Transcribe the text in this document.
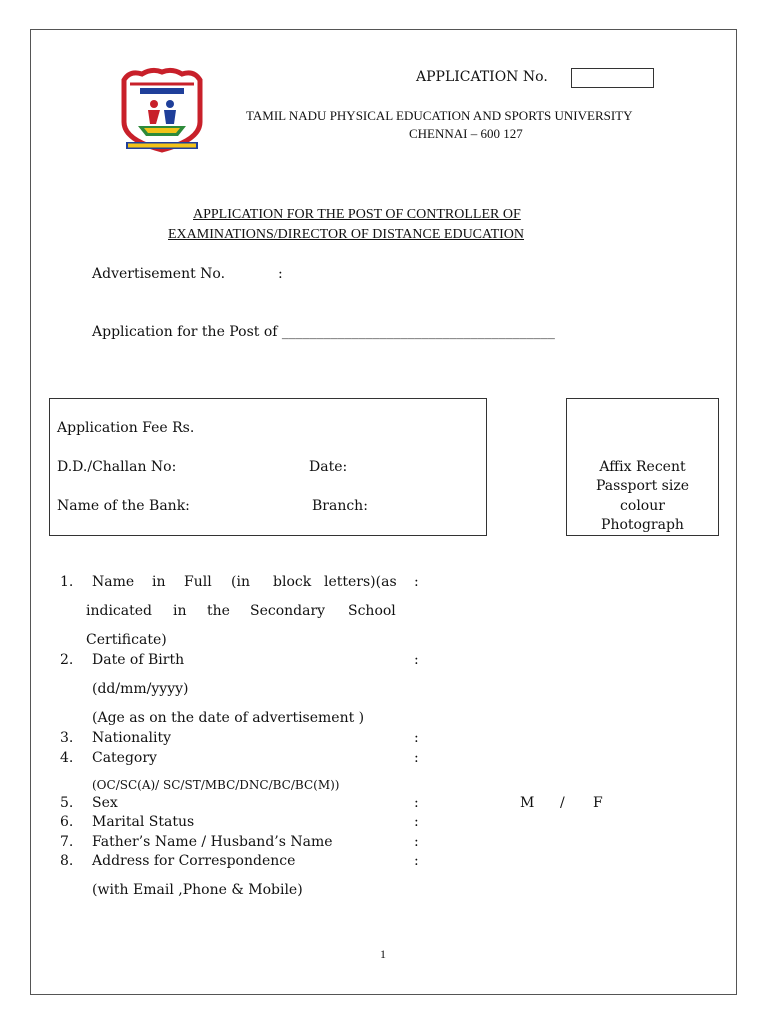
APPLICATION No.
TAMIL NADU PHYSICAL EDUCATION AND SPORTS UNIVERSITY
CHENNAI – 600 127
APPLICATION FOR THE POST OF CONTROLLER OF
EXAMINATIONS/DIRECTOR OF DISTANCE EDUCATION
Advertisement No.	:
Application for the Post of _______________________________________
Application Fee Rs.
D.D./Challan No:	Date:
Name of the Bank:	Branch:
Affix Recent
Passport size
colour
Photograph
1. Name in Full (in block letters)(as :
indicated in the Secondary School
Certificate)
2. Date of Birth	:
(dd/mm/yyyy)
(Age as on the date of advertisement )
3. Nationality	:
4. Category	:
(OC/SC(A)/ SC/ST/MBC/DNC/BC/BC(M))
5. Sex	:	M / F
6. Marital Status	:
7. Father’s Name / Husband’s Name	:
8. Address for Correspondence	:
(with Email ,Phone & Mobile)
1
